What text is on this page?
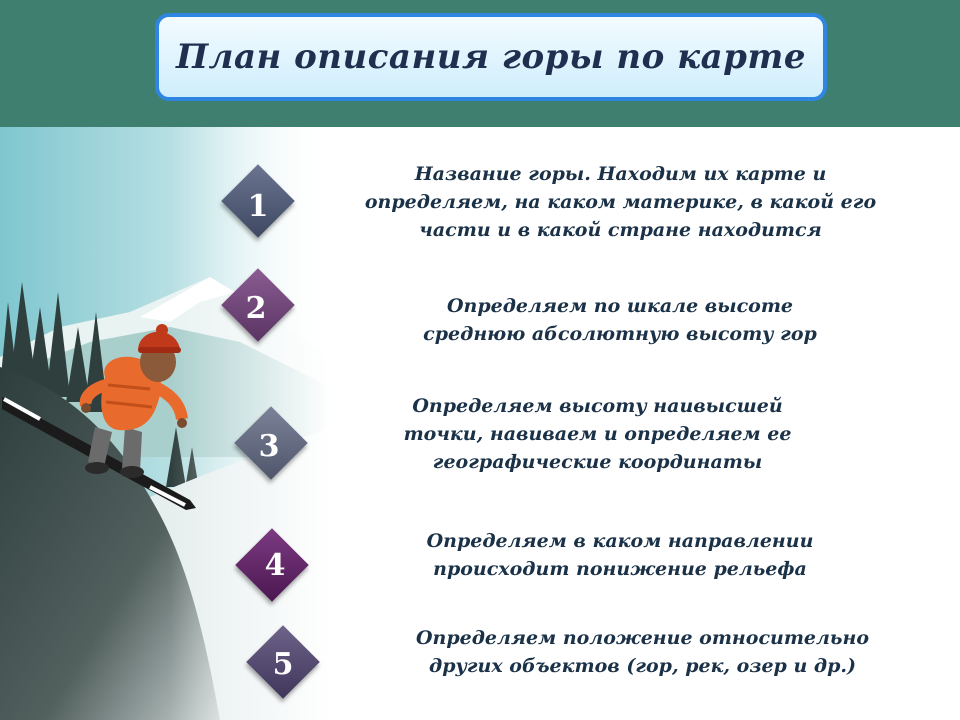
План описания горы по карте
1
2
3
4
5
Название горы. Находим их карте и определяем, на каком материке, в какой его части и в какой стране находится
Определяем по шкале высоте среднюю абсолютную высоту гор
Определяем высоту наивысшей точки, навиваем и определяем ее географические координаты
Определяем в каком направлении происходит понижение рельефа
Определяем положение относительно других объектов (гор, рек, озер и др.)
